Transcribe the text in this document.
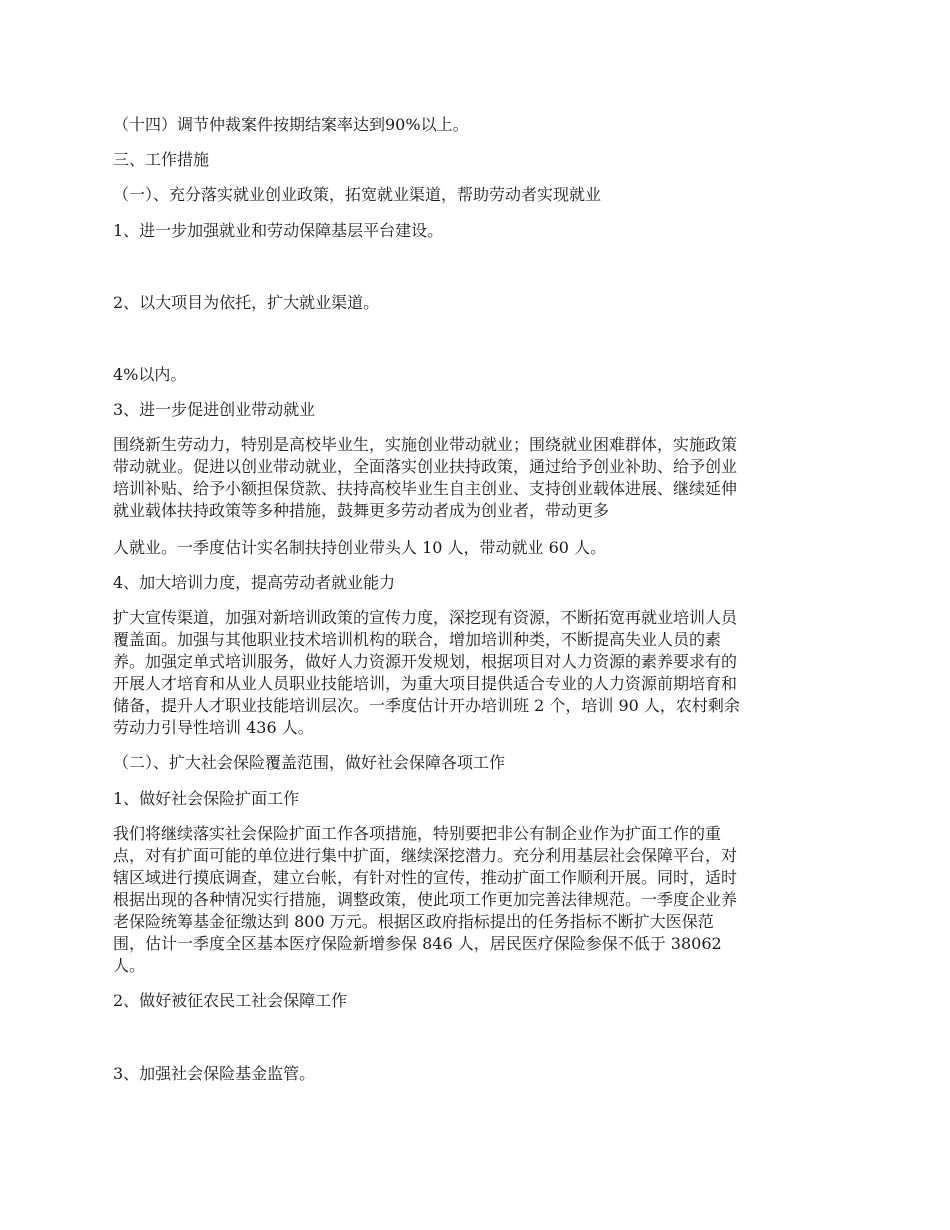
（十四）调节仲裁案件按期结案率达到90%以上。

三、工作措施

（一）、充分落实就业创业政策，拓宽就业渠道，帮助劳动者实现就业

1、进一步加强就业和劳动保障基层平台建设。

2、以大项目为依托，扩大就业渠道。

4%以内。

3、进一步促进创业带动就业

围绕新生劳动力，特别是高校毕业生，实施创业带动就业；围绕就业困难群体，实施政策
带动就业。促进以创业带动就业，全面落实创业扶持政策，通过给予创业补助、给予创业
培训补贴、给予小额担保贷款、扶持高校毕业生自主创业、支持创业载体进展、继续延伸
就业载体扶持政策等多种措施，鼓舞更多劳动者成为创业者，带动更多

人就业。一季度估计实名制扶持创业带头人 10 人，带动就业 60 人。

4、加大培训力度，提高劳动者就业能力

扩大宣传渠道，加强对新培训政策的宣传力度，深挖现有资源，不断拓宽再就业培训人员
覆盖面。加强与其他职业技术培训机构的联合，增加培训种类，不断提高失业人员的素
养。加强定单式培训服务，做好人力资源开发规划，根据项目对人力资源的素养要求有的
开展人才培育和从业人员职业技能培训，为重大项目提供适合专业的人力资源前期培育和
储备，提升人才职业技能培训层次。一季度估计开办培训班 2 个，培训 90 人，农村剩余
劳动力引导性培训 436 人。

（二）、扩大社会保险覆盖范围，做好社会保障各项工作

1、做好社会保险扩面工作

我们将继续落实社会保险扩面工作各项措施，特别要把非公有制企业作为扩面工作的重
点，对有扩面可能的单位进行集中扩面，继续深挖潜力。充分利用基层社会保障平台，对
辖区域进行摸底调查，建立台帐，有针对性的宣传，推动扩面工作顺利开展。同时，适时
根据出现的各种情况实行措施，调整政策，使此项工作更加完善法律规范。一季度企业养
老保险统筹基金征缴达到 800 万元。根据区政府指标提出的任务指标不断扩大医保范
围，估计一季度全区基本医疗保险新增参保 846 人，居民医疗保险参保不低于 38062
人。

2、做好被征农民工社会保障工作

3、加强社会保险基金监管。
